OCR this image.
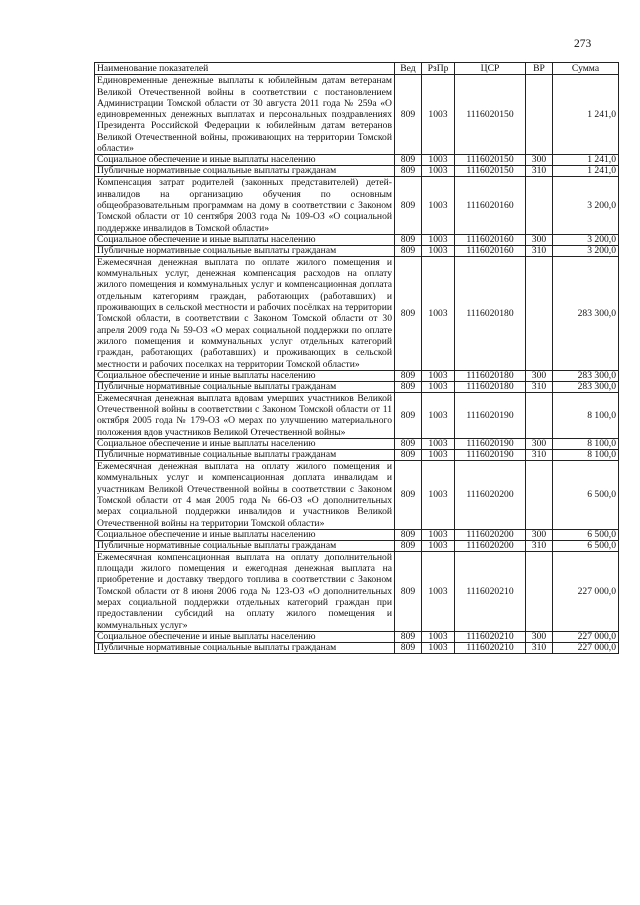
273
Наименование показателей	Вед	РзПр	ЦСР	ВР	Сумма
Единовременные денежные выплаты к юбилейным датам ветеранам Великой Отечественной войны в соответствии с постановлением Администрации Томской области от 30 августа 2011 года № 259а «О единовременных денежных выплатах и персональных поздравлениях Президента Российской Федерации к юбилейным датам ветеранов Великой Отечественной войны, проживающих на территории Томской области»	809	1003	1116020150		1 241,0
Социальное обеспечение и иные выплаты населению	809	1003	1116020150	300	1 241,0
Публичные нормативные социальные выплаты гражданам	809	1003	1116020150	310	1 241,0
Компенсация затрат родителей (законных представителей) детей-инвалидов на организацию обучения по основным общеобразовательным программам на дому в соответствии с Законом Томской области от 10 сентября 2003 года № 109-ОЗ «О социальной поддержке инвалидов в Томской области»	809	1003	1116020160		3 200,0
Социальное обеспечение и иные выплаты населению	809	1003	1116020160	300	3 200,0
Публичные нормативные социальные выплаты гражданам	809	1003	1116020160	310	3 200,0
Ежемесячная денежная выплата по оплате жилого помещения и коммунальных услуг, денежная компенсация расходов на оплату жилого помещения и коммунальных услуг и компенсационная доплата отдельным категориям граждан, работающих (работавших) и проживающих в сельской местности и рабочих посёлках на территории Томской области, в соответствии с Законом Томской области от 30 апреля 2009 года № 59-ОЗ «О мерах социальной поддержки по оплате жилого помещения и коммунальных услуг отдельных категорий граждан, работающих (работавших) и проживающих в сельской местности и рабочих поселках на территории Томской области»	809	1003	1116020180		283 300,0
Социальное обеспечение и иные выплаты населению	809	1003	1116020180	300	283 300,0
Публичные нормативные социальные выплаты гражданам	809	1003	1116020180	310	283 300,0
Ежемесячная денежная выплата вдовам умерших участников Великой Отечественной войны в соответствии с Законом Томской области от 11 октября 2005 года № 179-ОЗ «О мерах по улучшению материального положения вдов участников Великой Отечественной войны»	809	1003	1116020190		8 100,0
Социальное обеспечение и иные выплаты населению	809	1003	1116020190	300	8 100,0
Публичные нормативные социальные выплаты гражданам	809	1003	1116020190	310	8 100,0
Ежемесячная денежная выплата на оплату жилого помещения и коммунальных услуг и компенсационная доплата инвалидам и участникам Великой Отечественной войны в соответствии с Законом Томской области от 4 мая 2005 года № 66-ОЗ «О дополнительных мерах социальной поддержки инвалидов и участников Великой Отечественной войны на территории Томской области»	809	1003	1116020200		6 500,0
Социальное обеспечение и иные выплаты населению	809	1003	1116020200	300	6 500,0
Публичные нормативные социальные выплаты гражданам	809	1003	1116020200	310	6 500,0
Ежемесячная компенсационная выплата на оплату дополнительной площади жилого помещения и ежегодная денежная выплата на приобретение и доставку твердого топлива в соответствии с Законом Томской области от 8 июня 2006 года № 123-ОЗ «О дополнительных мерах социальной поддержки отдельных категорий граждан при предоставлении субсидий на оплату жилого помещения и коммунальных услуг»	809	1003	1116020210		227 000,0
Социальное обеспечение и иные выплаты населению	809	1003	1116020210	300	227 000,0
Публичные нормативные социальные выплаты гражданам	809	1003	1116020210	310	227 000,0
